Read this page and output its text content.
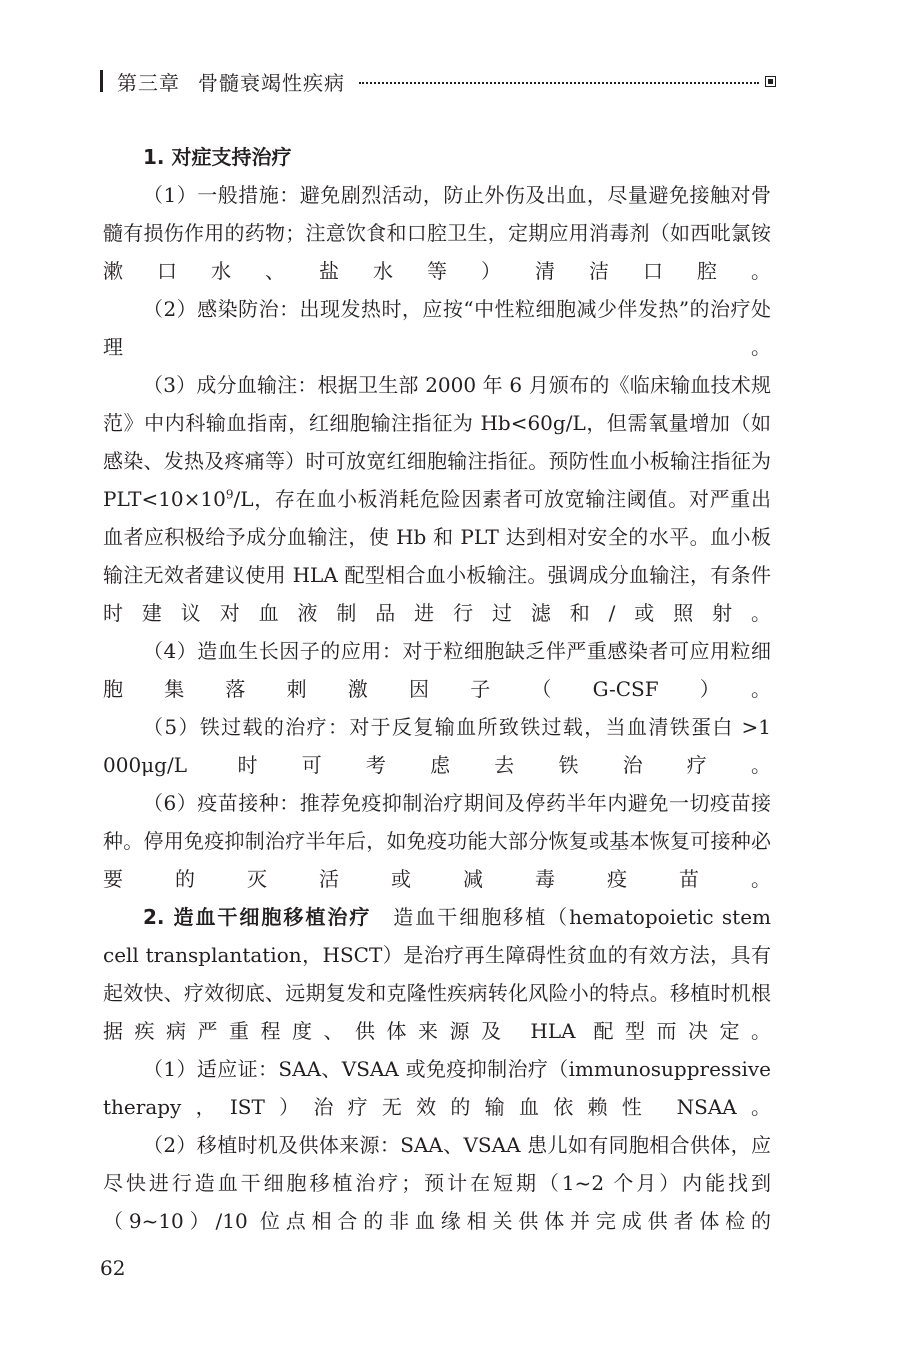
第三章 骨髓衰竭性疾病

1. 对症支持治疗

（1）一般措施：避免剧烈活动，防止外伤及出血，尽量避免接触对骨髓有损伤作用的药物；注意饮食和口腔卫生，定期应用消毒剂（如西吡氯铵漱口水、盐水等）清洁口腔。

（2）感染防治：出现发热时，应按“中性粒细胞减少伴发热”的治疗处理。

（3）成分血输注：根据卫生部 2000 年 6 月颁布的《临床输血技术规范》中内科输血指南，红细胞输注指征为 Hb<60g/L，但需氧量增加（如感染、发热及疼痛等）时可放宽红细胞输注指征。预防性血小板输注指征为 $PLT<10\times 10^9/L$，存在血小板消耗危险因素者可放宽输注阈值。对严重出血者应积极给予成分血输注，使 Hb 和 PLT 达到相对安全的水平。血小板输注无效者建议使用 HLA 配型相合血小板输注。强调成分血输注，有条件时建议对血液制品进行过滤和/或照射。

（4）造血生长因子的应用：对于粒细胞缺乏伴严重感染者可应用粒细胞集落刺激因子（G-CSF）。

（5）铁过载的治疗：对于反复输血所致铁过载，当血清铁蛋白 >1 000μg/L 时可考虑去铁治疗。

（6）疫苗接种：推荐免疫抑制治疗期间及停药半年内避免一切疫苗接种。停用免疫抑制治疗半年后，如免疫功能大部分恢复或基本恢复可接种必要的灭活或减毒疫苗。

2. 造血干细胞移植治疗  造血干细胞移植（hematopoietic stem cell transplantation，HSCT）是治疗再生障碍性贫血的有效方法，具有起效快、疗效彻底、远期复发和克隆性疾病转化风险小的特点。移植时机根据疾病严重程度、供体来源及 HLA 配型而决定。

（1）适应证：SAA、VSAA 或免疫抑制治疗（immunosuppressive therapy，IST）治疗无效的输血依赖性 NSAA。

（2）移植时机及供体来源：SAA、VSAA 患儿如有同胞相合供体，应尽快进行造血干细胞移植治疗；预计在短期（1~2 个月）内能找到（9~10）/10 位点相合的非血缘相关供体并完成供者体检的

62
